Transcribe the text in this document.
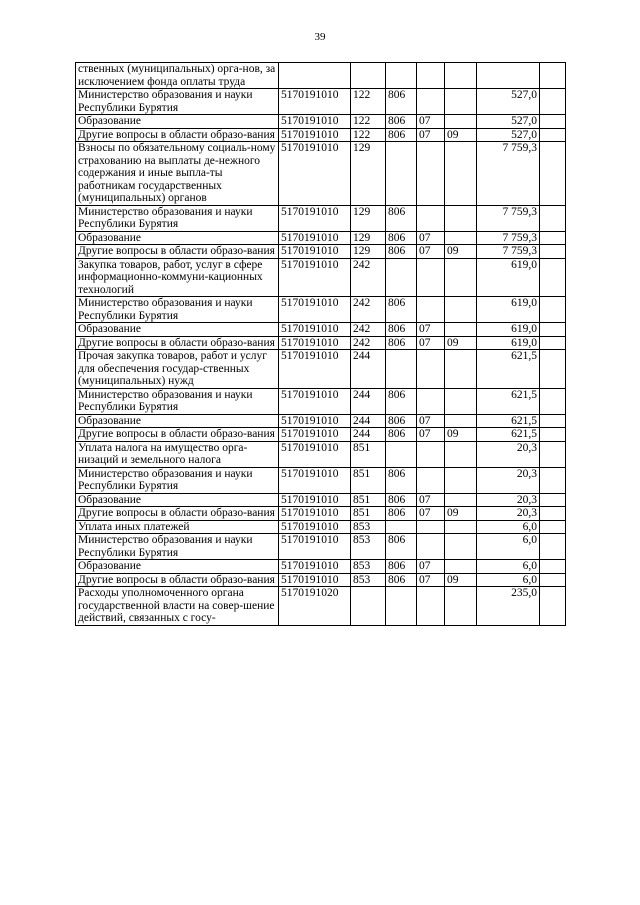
39
ственных (муниципальных) орга-нов, за исключением фонда оплаты труда							
Министерство образования и науки Республики Бурятия	5170191010	122	806			527,0	
Образование	5170191010	122	806	07		527,0	
Другие вопросы в области образо-вания	5170191010	122	806	07	09	527,0	
Взносы по обязательному социаль-ному страхованию на выплаты де-нежного содержания и иные выпла-ты работникам государственных (муниципальных) органов	5170191010	129				7 759,3	
Министерство образования и науки Республики Бурятия	5170191010	129	806			7 759,3	
Образование	5170191010	129	806	07		7 759,3	
Другие вопросы в области образо-вания	5170191010	129	806	07	09	7 759,3	
Закупка товаров, работ, услуг в сфере информационно-коммуни-кационных технологий	5170191010	242				619,0	
Министерство образования и науки Республики Бурятия	5170191010	242	806			619,0	
Образование	5170191010	242	806	07		619,0	
Другие вопросы в области образо-вания	5170191010	242	806	07	09	619,0	
Прочая закупка товаров, работ и услуг для обеспечения государ-ственных (муниципальных) нужд	5170191010	244				621,5	
Министерство образования и науки Республики Бурятия	5170191010	244	806			621,5	
Образование	5170191010	244	806	07		621,5	
Другие вопросы в области образо-вания	5170191010	244	806	07	09	621,5	
Уплата налога на имущество орга-низаций и земельного налога	5170191010	851				20,3	
Министерство образования и науки Республики Бурятия	5170191010	851	806			20,3	
Образование	5170191010	851	806	07		20,3	
Другие вопросы в области образо-вания	5170191010	851	806	07	09	20,3	
Уплата иных платежей	5170191010	853				6,0	
Министерство образования и науки Республики Бурятия	5170191010	853	806			6,0	
Образование	5170191010	853	806	07		6,0	
Другие вопросы в области образо-вания	5170191010	853	806	07	09	6,0	
Расходы уполномоченного органа государственной власти на совер-шение действий, связанных с госу-	5170191020					235,0	
